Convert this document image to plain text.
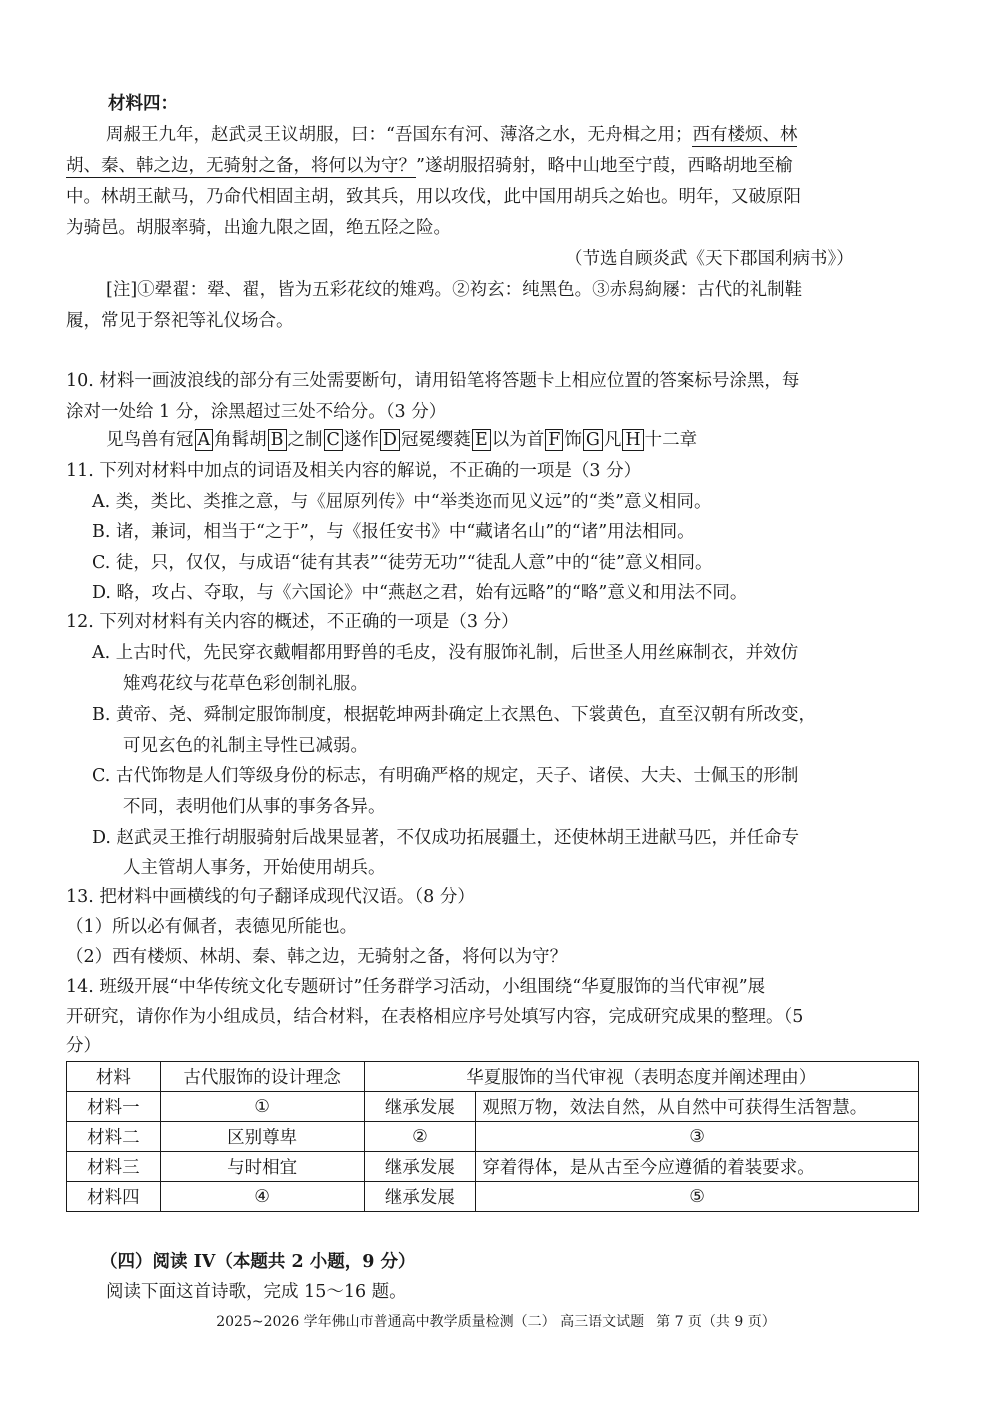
材料四：
周赧王九年，赵武灵王议胡服，曰：“吾国东有河、薄洛之水，无舟楫之用；西有楼烦、林
胡、秦、韩之边，无骑射之备，将何以为守？”遂胡服招骑射，略中山地至宁葭，西略胡地至榆
中。林胡王献马，乃命代相固主胡，致其兵，用以攻伐，此中国用胡兵之始也。明年，又破原阳
为骑邑。胡服率骑，出逾九限之固，绝五陉之险。
（节选自顾炎武《天下郡国利病书》）
[注]①翚翟：翚、翟，皆为五彩花纹的雉鸡。②袀玄：纯黑色。③赤舄絇屦：古代的礼制鞋
履，常见于祭祀等礼仪场合。
10. 材料一画波浪线的部分有三处需要断句，请用铅笔将答题卡上相应位置的答案标号涂黑，每
涂对一处给 1 分，涂黑超过三处不给分。（3 分）
见鸟兽有冠 A 角髯胡 B 之制 C 遂作 D 冠冕缨蕤 E 以为首 F 饰 G 凡 H 十二章
11. 下列对材料中加点的词语及相关内容的解说，不正确的一项是（3 分）
A. 类，类比、类推之意，与《屈原列传》中“举类迩而见义远”的“类”意义相同。
B. 诸，兼词，相当于“之于”，与《报任安书》中“藏诸名山”的“诸”用法相同。
C. 徒，只，仅仅，与成语“徒有其表”“徒劳无功”“徒乱人意”中的“徒”意义相同。
D. 略，攻占、夺取，与《六国论》中“燕赵之君，始有远略”的“略”意义和用法不同。
12. 下列对材料有关内容的概述，不正确的一项是（3 分）
A. 上古时代，先民穿衣戴帽都用野兽的毛皮，没有服饰礼制，后世圣人用丝麻制衣，并效仿
雉鸡花纹与花草色彩创制礼服。
B. 黄帝、尧、舜制定服饰制度，根据乾坤两卦确定上衣黑色、下裳黄色，直至汉朝有所改变，
可见玄色的礼制主导性已减弱。
C. 古代饰物是人们等级身份的标志，有明确严格的规定，天子、诸侯、大夫、士佩玉的形制
不同，表明他们从事的事务各异。
D. 赵武灵王推行胡服骑射后战果显著，不仅成功拓展疆土，还使林胡王进献马匹，并任命专
人主管胡人事务，开始使用胡兵。
13. 把材料中画横线的句子翻译成现代汉语。（8 分）
（1）所以必有佩者，表德见所能也。
（2）西有楼烦、林胡、秦、韩之边，无骑射之备，将何以为守？
14. 班级开展“中华传统文化专题研讨”任务群学习活动，小组围绕“华夏服饰的当代审视”展
开研究，请你作为小组成员，结合材料，在表格相应序号处填写内容，完成研究成果的整理。（5
分）
材料	古代服饰的设计理念	华夏服饰的当代审视（表明态度并阐述理由）	
材料一	①	继承发展	观照万物，效法自然，从自然中可获得生活智慧。
材料二	区别尊卑	②	③
材料三	与时相宜	继承发展	穿着得体，是从古至今应遵循的着装要求。
材料四	④	继承发展	⑤
（四）阅读 IV（本题共 2 小题，9 分）
阅读下面这首诗歌，完成 15～16 题。
2025~2026 学年佛山市普通高中教学质量检测（二） 高三语文试题 第 7 页（共 9 页）
